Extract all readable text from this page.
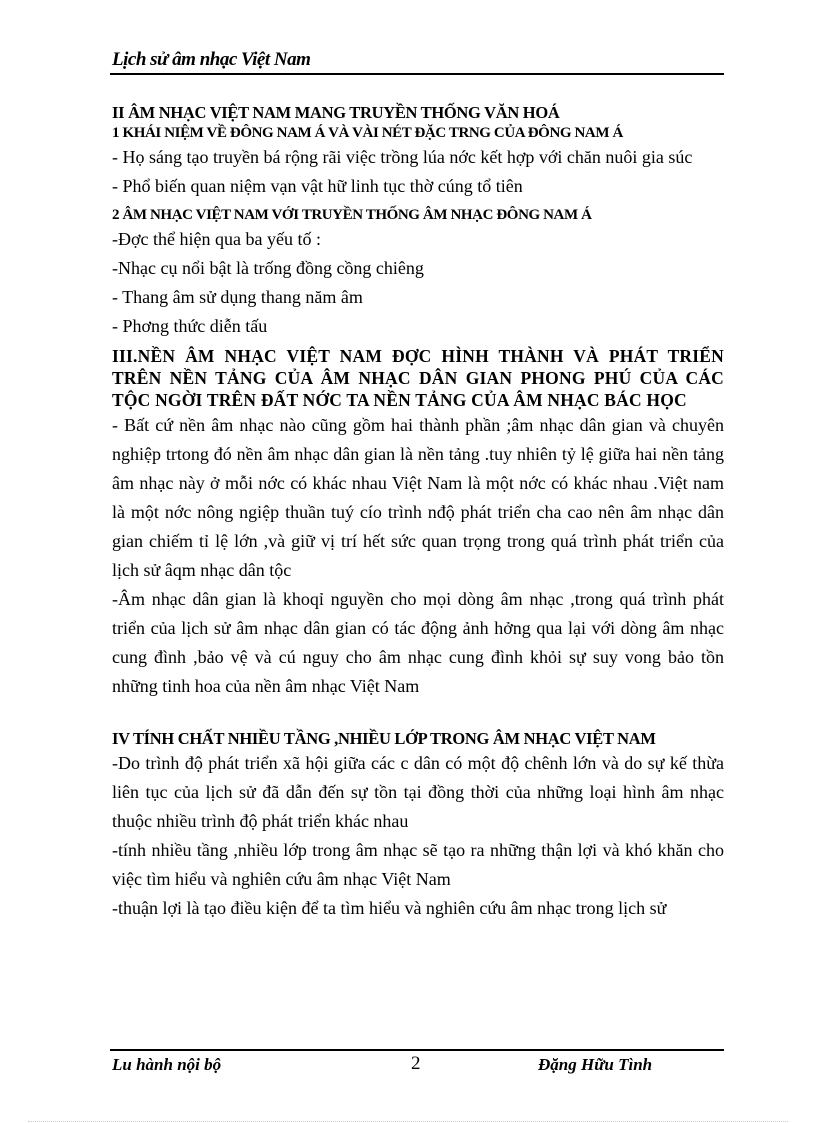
Lịch sử âm nhạc Việt Nam
II ÂM NHẠC VIỆT NAM MANG TRUYỀN THỐNG VĂN HOÁ
1 KHÁI NIỆM VỀ ĐÔNG NAM Á VÀ VÀI NÉT ĐẶC TRNG CỦA ĐÔNG NAM Á
- Họ sáng tạo truyền bá rộng rãi việc trồng lúa nớc kết hợp với chăn nuôi gia súc
- Phổ biến quan niệm vạn vật hữ linh tục thờ cúng tổ tiên
2 ÂM NHẠC VIỆT NAM VỚI TRUYỀN THỐNG ÂM NHẠC ĐÔNG NAM Á
-Đợc thể hiện qua ba yếu tố :
-Nhạc cụ nổi bật là trống đồng cồng chiêng
- Thang âm sử dụng thang năm âm
- Phơng thức diễn tấu
III.NỀN ÂM NHẠC VIỆT NAM ĐỢC HÌNH THÀNH VÀ PHÁT TRIỂN TRÊN NỀN TẢNG CỦA ÂM NHẠC DÂN GIAN PHONG PHÚ CỦA CÁC TỘC NGỜI TRÊN ĐẤT NỚC TA NỀN TẢNG CỦA ÂM NHẠC BÁC HỌC
- Bất cứ nền âm nhạc nào cũng gồm hai thành phần ;âm nhạc dân gian và chuyên nghiệp trtong đó nền âm nhạc dân gian là nền tảng .tuy nhiên tỷ lệ giữa hai nền tảng âm nhạc này ở mỗi nớc có khác nhau Việt Nam là một nớc có khác nhau .Việt nam là một nớc nông ngiệp thuần tuý cío trình nđộ phát triển cha cao nên âm nhạc dân gian chiếm tỉ lệ lớn ,và giữ vị trí hết sức quan trọng trong quá trình phát triển của lịch sử âqm nhạc dân tộc
-Âm nhạc dân gian là khoqỉ nguyền cho mọi dòng âm nhạc ,trong quá trình phát triển của lịch sử âm nhạc dân gian có tác động ảnh hởng qua lại với dòng âm nhạc cung đình ,bảo vệ và cú nguy cho âm nhạc cung đình khỏi sự suy vong bảo tồn những tinh hoa của nền âm nhạc Việt Nam
IV TÍNH CHẤT NHIỀU TẦNG ,NHIỀU LỚP TRONG ÂM NHẠC VIỆT NAM
-Do trình độ phát triển xã hội giữa các c dân có một độ chênh lớn và do sự kế thừa liên tục của lịch sử đã dẫn đến sự tồn tại đồng thời của những loại hình âm nhạc thuộc nhiều trình độ phát triển khác nhau
-tính nhiều tầng ,nhiều lớp trong âm nhạc sẽ tạo ra những thận lợi và khó khăn cho việc tìm hiểu và nghiên cứu âm nhạc Việt Nam
-thuận lợi là tạo điều kiện để ta tìm hiểu và nghiên cứu âm nhạc trong lịch sử
Lu hành nội bộ	2	Đặng Hữu Tình
